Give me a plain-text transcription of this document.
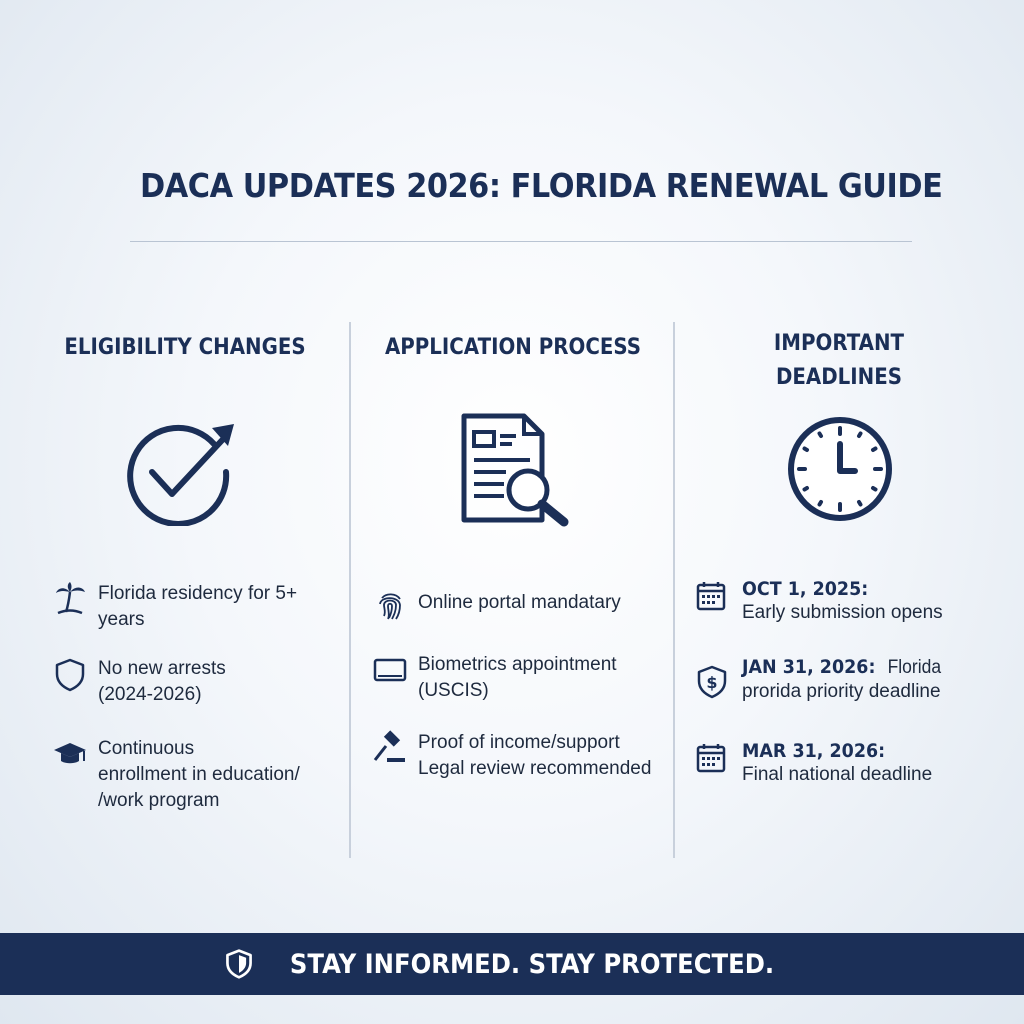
DACA UPDATES 2026: FLORIDA RENEWAL GUIDE
ELIGIBILITY CHANGES
Florida residency for 5+
years
No new arrests
(2024-2026)
Continuous
enrollment in education/
/work program
APPLICATION PROCESS
Online portal mandatary
Biometrics appointment
(USCIS)
Proof of income/support
Legal review recommended
IMPORTANT
DEADLINES
OCT 1, 2025:
Early submission opens
$
JAN 31, 2026: Florida
prorida priority deadline
MAR 31, 2026:
Final national deadline
STAY INFORMED. STAY PROTECTED.
